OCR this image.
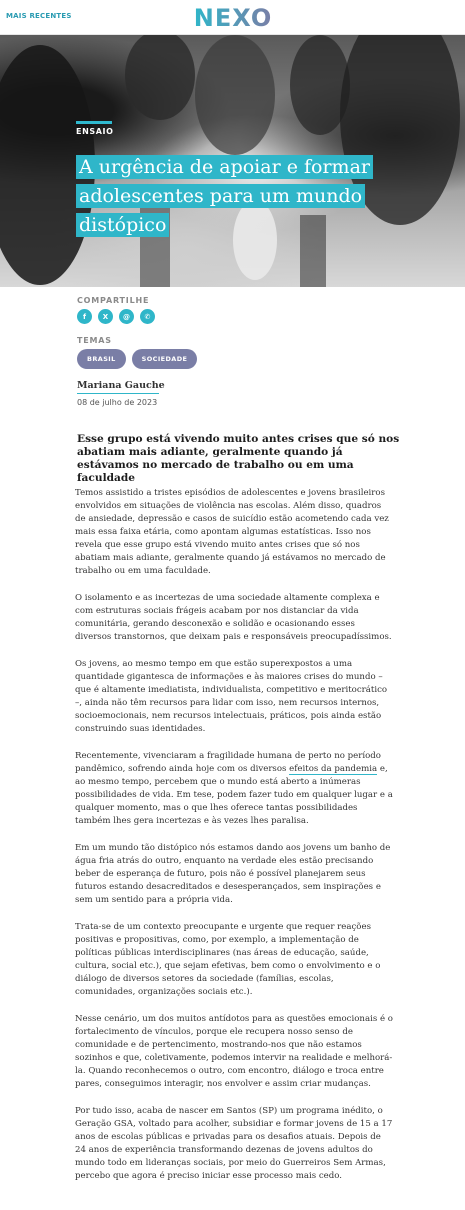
MAIS RECENTES	NEXO
ENSAIO
A urgência de apoiar e formar
adolescentes para um mundo
distópico
COMPARTILHE
f	X	@	✆
TEMAS
BRASIL	SOCIEDADE
Mariana Gauche
08 de julho de 2023
Esse grupo está vivendo muito antes crises que só nos abatiam mais adiante, geralmente quando já estávamos no mercado de trabalho ou em uma faculdade

Temos assistido a tristes episódios de adolescentes e jovens brasileiros envolvidos em situações de violência nas escolas. Além disso, quadros de ansiedade, depressão e casos de suicídio estão acometendo cada vez mais essa faixa etária, como apontam algumas estatísticas. Isso nos revela que esse grupo está vivendo muito antes crises que só nos abatiam mais adiante, geralmente quando já estávamos no mercado de trabalho ou em uma faculdade.

O isolamento e as incertezas de uma sociedade altamente complexa e com estruturas sociais frágeis acabam por nos distanciar da vida comunitária, gerando desconexão e solidão e ocasionando esses diversos transtornos, que deixam pais e responsáveis preocupadíssimos.

Os jovens, ao mesmo tempo em que estão superexpostos a uma quantidade gigantesca de informações e às maiores crises do mundo – que é altamente imediatista, individualista, competitivo e meritocrático –, ainda não têm recursos para lidar com isso, nem recursos internos, socioemocionais, nem recursos intelectuais, práticos, pois ainda estão construindo suas identidades.

Recentemente, vivenciaram a fragilidade humana de perto no período pandêmico, sofrendo ainda hoje com os diversos efeitos da pandemia e, ao mesmo tempo, percebem que o mundo está aberto a inúmeras possibilidades de vida. Em tese, podem fazer tudo em qualquer lugar e a qualquer momento, mas o que lhes oferece tantas possibilidades também lhes gera incertezas e às vezes lhes paralisa.

Em um mundo tão distópico nós estamos dando aos jovens um banho de água fria atrás do outro, enquanto na verdade eles estão precisando beber de esperança de futuro, pois não é possível planejarem seus futuros estando desacreditados e desesperançados, sem inspirações e sem um sentido para a própria vida.

Trata-se de um contexto preocupante e urgente que requer reações positivas e propositivas, como, por exemplo, a implementação de políticas públicas interdisciplinares (nas áreas de educação, saúde, cultura, social etc.), que sejam efetivas, bem como o envolvimento e o diálogo de diversos setores da sociedade (famílias, escolas, comunidades, organizações sociais etc.).

Nesse cenário, um dos muitos antídotos para as questões emocionais é o fortalecimento de vínculos, porque ele recupera nosso senso de comunidade e de pertencimento, mostrando-nos que não estamos sozinhos e que, coletivamente, podemos intervir na realidade e melhorá-la. Quando reconhecemos o outro, com encontro, diálogo e troca entre pares, conseguimos interagir, nos envolver e assim criar mudanças.

Por tudo isso, acaba de nascer em Santos (SP) um programa inédito, o Geração GSA, voltado para acolher, subsidiar e formar jovens de 15 a 17 anos de escolas públicas e privadas para os desafios atuais. Depois de 24 anos de experiência transformando dezenas de jovens adultos do mundo todo em lideranças sociais, por meio do Guerreiros Sem Armas, percebo que agora é preciso iniciar esse processo mais cedo.
